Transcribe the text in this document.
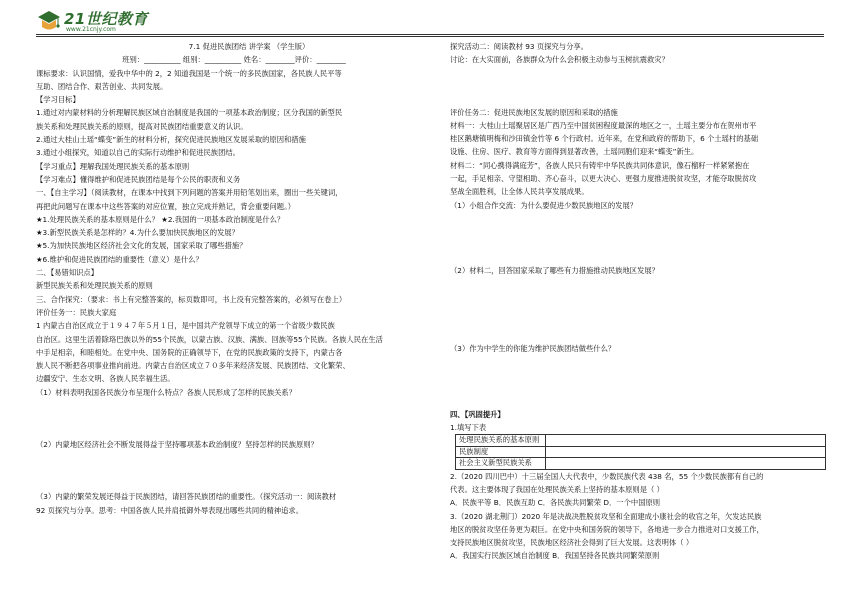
21世纪教育
www.21cnjy.com
7.1 促进民族团结 讲学案 （学生版）
班别：__________ 组别：__________ 姓名：________评价：________
课标要求：认识国情，爱我中华中的 2，2 知道我国是一个统一的多民族国家，各民族人民平等
互助、团结合作、艰苦创业、共同发展。
【学习目标】
1.通过对内蒙材料的分析理解民族区域自治制度是我国的一项基本政治制度；区分我国的新型民
族关系和处理民族关系的原则，提高对民族团结重要意义的认识。
2.通过大桂山土瑶“蝶变”新生的材料分析，探究促进民族地区发展采取的原因和措施
3.通过小组探究，知道以自己的实际行动维护和促进民族团结。
【学习重点】理解我国处理民族关系的基本原则
【学习难点】懂得维护和促进民族团结是每个公民的职责和义务
一、【自主学习】（阅读教材，在课本中找到下列问题的答案并用铅笔划出来，圈出一些关键词，
再把此问题写在课本中这些答案的对应位置，独立完成并熟记，背会重要问题。）
★1.处理民族关系的基本原则是什么？ ★2.我国的一项基本政治制度是什么？
★3.新型民族关系是怎样的？4.为什么要加快民族地区的发展？
★5.为加快民族地区经济社会文化的发展，国家采取了哪些措施？
★6.维护和促进民族团结的重要性（意义）是什么？
二、【易错知识点】
新型民族关系和处理民族关系的原则
三、合作探究：（要求：书上有完整答案的，标页数即可，书上没有完整答案的，必须写在卷上）
评价任务一：民族大家庭
1 内蒙古自治区成立于１９４７年５月１日，是中国共产党领导下成立的第一个省级少数民族
自治区。这里生活着除珞巴族以外的55个民族，以蒙古族、汉族、满族、回族等55个民族。各族人民在生活
中手足相亲，和睦相处。在党中央、国务院的正确领导下，在党的民族政策的支持下，内蒙古各
族人民不断把各项事业推向前进。内蒙古自治区成立７０多年来经济发展、民族团结、文化繁荣、
边疆安宁、生态文明、各族人民幸福生活。
（1）材料表明我国各民族分布呈现什么特点？各族人民形成了怎样的民族关系？
（2）内蒙地区经济社会不断发展得益于坚持哪项基本政治制度？坚持怎样的民族原则？
（3）内蒙的繁荣发展还得益于民族团结，请回答民族团结的重要性。（探究活动一：阅读教材
92 页探究与分享。思考：中国各族人民并肩抵御外辱表现出哪些共同的精神追求。
探究活动二：阅读教材 93 页探究与分享。
讨论：在大实面前，各族群众为什么会积极主动参与玉树抗震救灾？
评价任务二：促进民族地区发展的原因和采取的措施
材料一：大桂山土瑶聚居区是广西乃至中国贫困程度最深的地区之一，土瑶主要分布在贺州市平
桂区鹅塘镇明梅和沙田镇金竹等 6 个行政村。近年来，在党和政府的帮助下，6 个土瑶村的基础
设施、住房、医疗、教育等方面得到显著改善，土瑶同胞们迎来“蝶变”新生。
材料二：“同心携得满庭芳”，各族人民只有铸牢中华民族共同体意识，像石榴籽一样紧紧抱在
一起，手足相亲、守望相助、齐心奋斗，以更大决心、更强力度推进脱贫攻坚，才能夺取脱贫攻
坚战全面胜利，让全体人民共享发展成果。
（1）小组合作交流：为什么要促进少数民族地区的发展？
（2）材料二，回答国家采取了哪些有力措施推动民族地区发展？
（3）作为中学生的你能为维护民族团结做些什么？
四、【巩固提升】
1.填写下表
处理民族关系的基本原则	
民族制度	
社会主义新型民族关系	
2.（2020 四川巴中）十三届全国人大代表中，少数民族代表 438 名，55 个少数民族都有自己的
代表。这主要体现了我国在处理民族关系上坚持的基本原则是（ ）
A．民族平等 B．民族互助 C．各民族共同繁荣 D．一个中国原则
3.（2020 湖北荆门）2020 年是决战决胜脱贫攻坚和全面建成小康社会的收官之年，欠发达民族
地区的脱贫攻坚任务更为艰巨。在党中央和国务院的领导下，各地进一步合力推进对口支援工作，
支持民族地区脱贫攻坚，民族地区经济社会得到了巨大发展。这表明体（ ）
A．我国实行民族区域自治制度 B．我国坚持各民族共同繁荣原则
